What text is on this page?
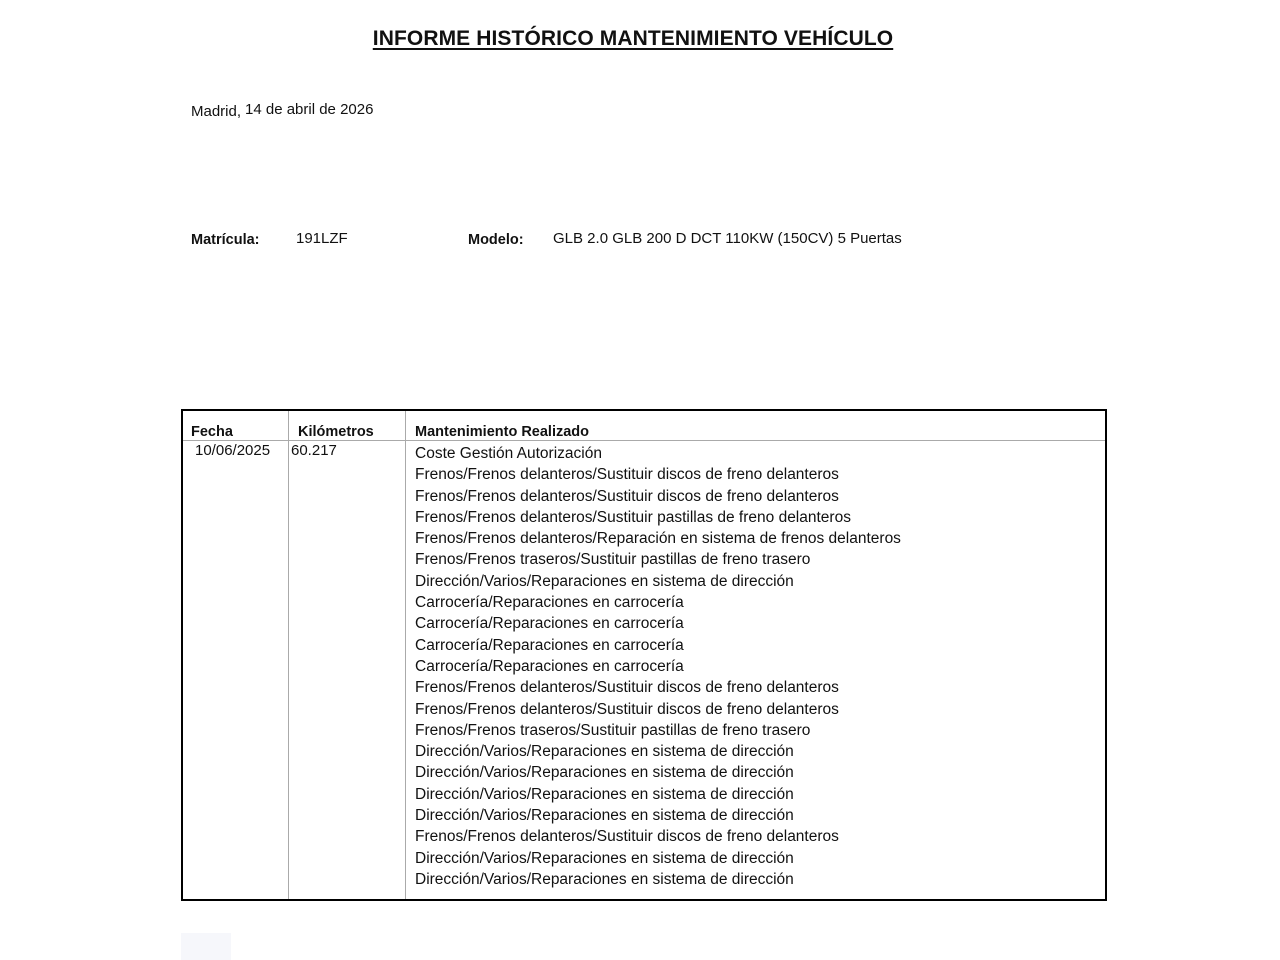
INFORME HISTÓRICO MANTENIMIENTO VEHÍCULO
Madrid, 14 de abril de 2026
Matrícula: 191LZF	Modelo: GLB 2.0 GLB 200 D DCT 110KW (150CV) 5 Puertas
Fecha	Kilómetros	Mantenimiento Realizado
10/06/2025 60.217	Coste Gestión Autorización
Frenos/Frenos delanteros/Sustituir discos de freno delanteros
Frenos/Frenos delanteros/Sustituir discos de freno delanteros
Frenos/Frenos delanteros/Sustituir pastillas de freno delanteros
Frenos/Frenos delanteros/Reparación en sistema de frenos delanteros
Frenos/Frenos traseros/Sustituir pastillas de freno trasero
Dirección/Varios/Reparaciones en sistema de dirección
Carrocería/Reparaciones en carrocería
Carrocería/Reparaciones en carrocería
Carrocería/Reparaciones en carrocería
Carrocería/Reparaciones en carrocería
Frenos/Frenos delanteros/Sustituir discos de freno delanteros
Frenos/Frenos delanteros/Sustituir discos de freno delanteros
Frenos/Frenos traseros/Sustituir pastillas de freno trasero
Dirección/Varios/Reparaciones en sistema de dirección
Dirección/Varios/Reparaciones en sistema de dirección
Dirección/Varios/Reparaciones en sistema de dirección
Dirección/Varios/Reparaciones en sistema de dirección
Frenos/Frenos delanteros/Sustituir discos de freno delanteros
Dirección/Varios/Reparaciones en sistema de dirección
Dirección/Varios/Reparaciones en sistema de dirección
